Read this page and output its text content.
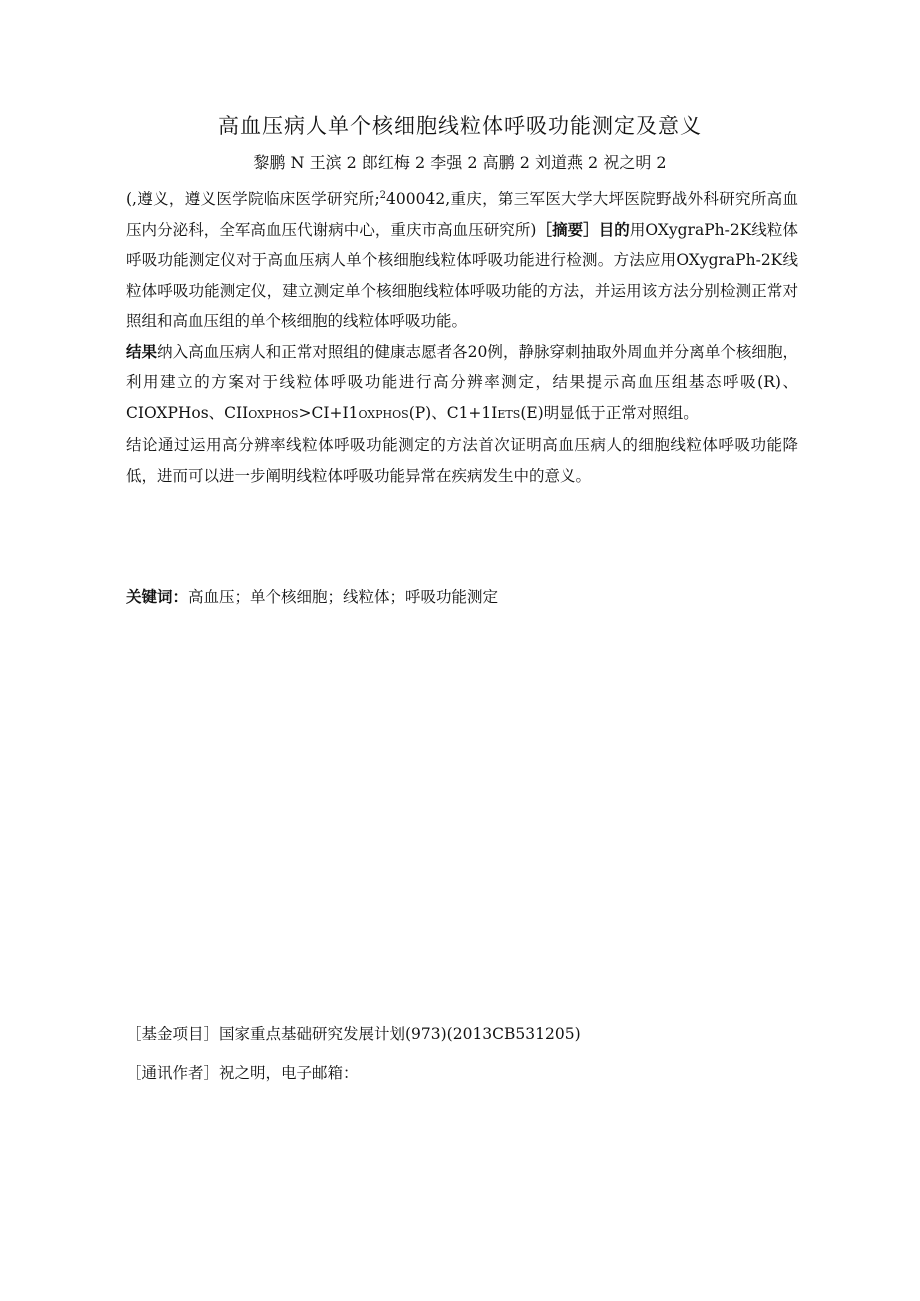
高血压病人单个核细胞线粒体呼吸功能测定及意义
黎鹏 N 王滨 2 郎红梅 2 李强 2 高鹏 2 刘道燕 2 祝之明 2
(,遵义，遵义医学院临床医学研究所;$^2$400042,重庆，第三军医大学大坪医院野战外科研究所高血压内分泌科，全军高血压代谢病中心，重庆市高血压研究所)［摘要］目的用OXygraPh-2K线粒体呼吸功能测定仪对于高血压病人单个核细胞线粒体呼吸功能进行检测。方法应用OXygraPh-2K线粒体呼吸功能测定仪，建立测定单个核细胞线粒体呼吸功能的方法，并运用该方法分别检测正常对照组和高血压组的单个核细胞的线粒体呼吸功能。
结果纳入高血压病人和正常对照组的健康志愿者各20例，静脉穿刺抽取外周血并分离单个核细胞，利用建立的方案对于线粒体呼吸功能进行高分辨率测定，结果提示高血压组基态呼吸(R)、CIOXPHos、CIIOXPHOS>CI+I1OXPHOS(P)、C1+1IETS(E)明显低于正常对照组。
结论通过运用高分辨率线粒体呼吸功能测定的方法首次证明高血压病人的细胞线粒体呼吸功能降低，进而可以进一步阐明线粒体呼吸功能异常在疾病发生中的意义。
关键词：高血压；单个核细胞；线粒体；呼吸功能测定
［基金项目］国家重点基础研究发展计划(973)(2013CB531205)
［通讯作者］祝之明，电子邮箱：
